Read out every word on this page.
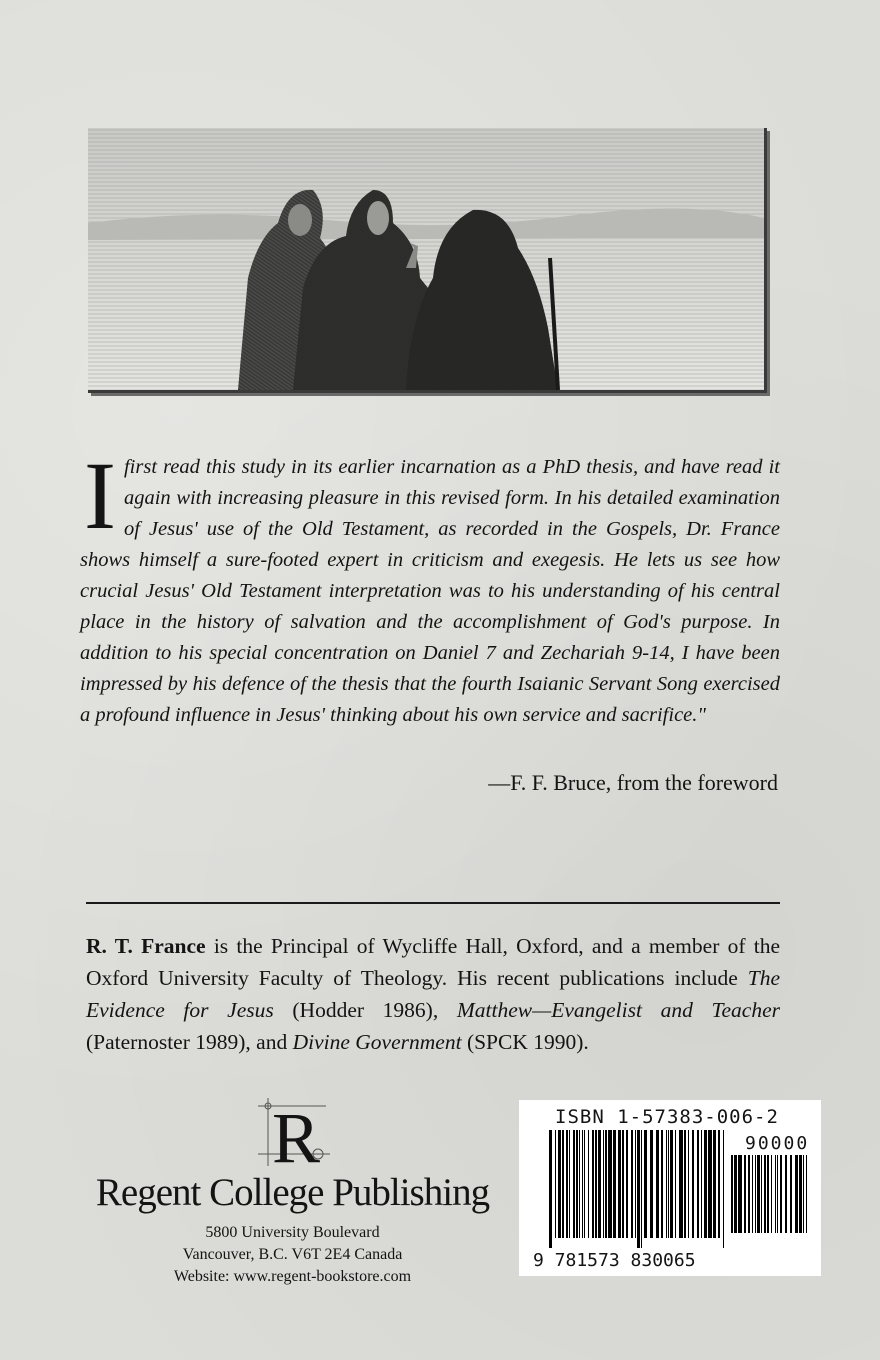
I first read this study in its earlier incarnation as a PhD thesis, and have read it again with increasing pleasure in this revised form. In his detailed examination of Jesus' use of the Old Testament, as recorded in the Gospels, Dr. France shows himself a sure-footed expert in criticism and exegesis. He lets us see how crucial Jesus' Old Testament interpretation was to his understanding of his central place in the history of salvation and the accomplishment of God's purpose. In addition to his special concentration on Daniel 7 and Zechariah 9-14, I have been impressed by his defence of the thesis that the fourth Isaianic Servant Song exercised a profound influence in Jesus' thinking about his own service and sacrifice."
—F. F. Bruce, from the foreword
R. T. France is the Principal of Wycliffe Hall, Oxford, and a member of the Oxford University Faculty of Theology. His recent publications include The Evidence for Jesus (Hodder 1986), Matthew—Evangelist and Teacher (Paternoster 1989), and Divine Government (SPCK 1990).
R
Regent College Publishing
5800 University Boulevard
Vancouver, B.C. V6T 2E4 Canada
Website: www.regent-bookstore.com
ISBN 1-57383-006-2
90000
9 781573 830065
